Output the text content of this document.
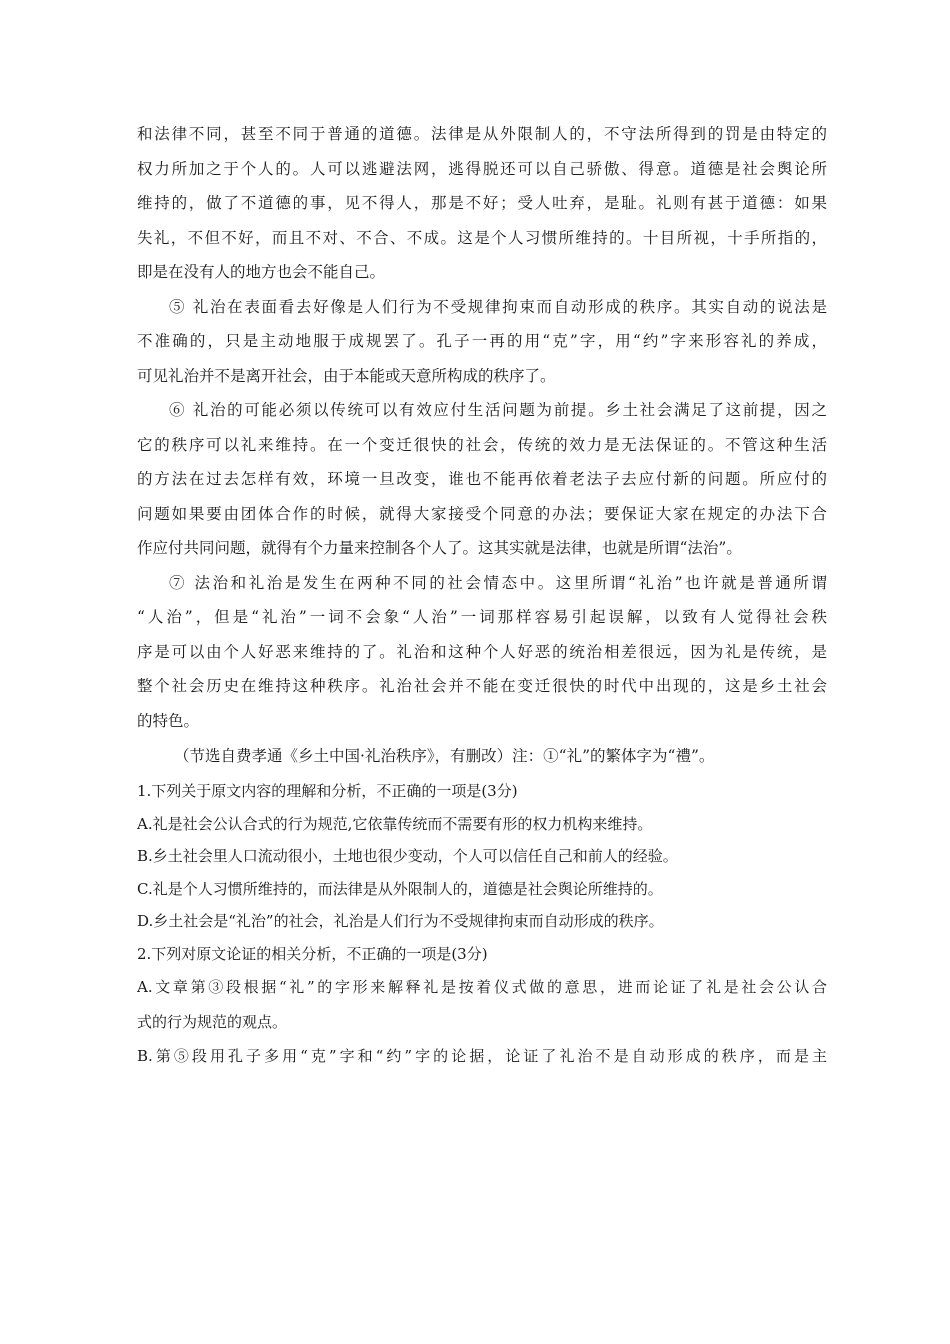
和法律不同，甚至不同于普通的道德。法律是从外限制人的，不守法所得到的罚是由特定的
权力所加之于个人的。人可以逃避法网，逃得脱还可以自己骄傲、得意。道德是社会舆论所
维持的，做了不道德的事，见不得人，那是不好；受人吐弃，是耻。礼则有甚于道德：如果
失礼，不但不好，而且不对、不合、不成。这是个人习惯所维持的。十目所视，十手所指的，
即是在没有人的地方也会不能自己。
⑤ 礼治在表面看去好像是人们行为不受规律拘束而自动形成的秩序。其实自动的说法是
不准确的，只是主动地服于成规罢了。孔子一再的用“克”字，用“约”字来形容礼的养成，
可见礼治并不是离开社会，由于本能或天意所构成的秩序了。
⑥ 礼治的可能必须以传统可以有效应付生活问题为前提。乡土社会满足了这前提，因之
它的秩序可以礼来维持。在一个变迁很快的社会，传统的效力是无法保证的。不管这种生活
的方法在过去怎样有效，环境一旦改变，谁也不能再依着老法子去应付新的问题。所应付的
问题如果要由团体合作的时候，就得大家接受个同意的办法；要保证大家在规定的办法下合
作应付共同问题，就得有个力量来控制各个人了。这其实就是法律，也就是所谓“法治”。
⑦ 法治和礼治是发生在两种不同的社会情态中。这里所谓“礼治”也许就是普通所谓
“人治”，但是“礼治”一词不会象“人治”一词那样容易引起误解，以致有人觉得社会秩
序是可以由个人好恶来维持的了。礼治和这种个人好恶的统治相差很远，因为礼是传统，是
整个社会历史在维持这种秩序。礼治社会并不能在变迁很快的时代中出现的，这是乡土社会
的特色。
（节选自费孝通《乡土中国·礼治秩序》，有删改）注：①“礼”的繁体字为“禮”。
1.下列关于原文内容的理解和分析，不正确的一项是(3分)
A.礼是社会公认合式的行为规范,它依靠传统而不需要有形的权力机构来维持。
B.乡土社会里人口流动很小，土地也很少变动，个人可以信任自己和前人的经验。
C.礼是个人习惯所维持的，而法律是从外限制人的，道德是社会舆论所维持的。
D.乡土社会是“礼治”的社会，礼治是人们行为不受规律拘束而自动形成的秩序。
2.下列对原文论证的相关分析，不正确的一项是(3分)
A.文章第③段根据“礼”的字形来解释礼是按着仪式做的意思，进而论证了礼是社会公认合
式的行为规范的观点。
B.第⑤段用孔子多用“克”字和“约”字的论据，论证了礼治不是自动形成的秩序，而是主
